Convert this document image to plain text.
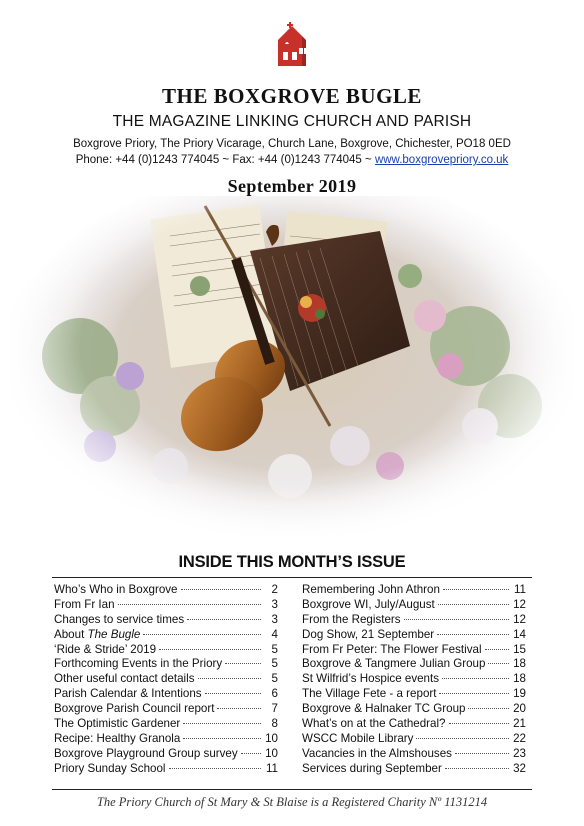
THE BOXGROVE BUGLE
THE MAGAZINE LINKING CHURCH AND PARISH
Boxgrove Priory, The Priory Vicarage, Church Lane, Boxgrove, Chichester, PO18 0ED
Phone: +44 (0)1243 774045 ~ Fax: +44 (0)1243 774045 ~ www.boxgrovepriory.co.uk
September 2019
INSIDE THIS MONTH’S ISSUE
Who’s Who in Boxgrove	2
From Fr Ian	3
Changes to service times	3
About The Bugle	4
‘Ride & Stride’ 2019	5
Forthcoming Events in the Priory	5
Other useful contact details	5
Parish Calendar & Intentions	6
Boxgrove Parish Council report	7
The Optimistic Gardener	8
Recipe: Healthy Granola	10
Boxgrove Playground Group survey 10
Priory Sunday School	11
Remembering John Athron	11
Boxgrove WI, July/August	12
From the Registers	12
Dog Show, 21 September	14
From Fr Peter: The Flower Festival	15
Boxgrove & Tangmere Julian Group 18
St Wilfrid’s Hospice events	18
The Village Fete - a report	19
Boxgrove & Halnaker TC Group	20
What’s on at the Cathedral?	21
WSCC Mobile Library	22
Vacancies in the Almshouses	23
Services during September	32
The Priory Church of St Mary & St Blaise is a Registered Charity Nº 1131214
